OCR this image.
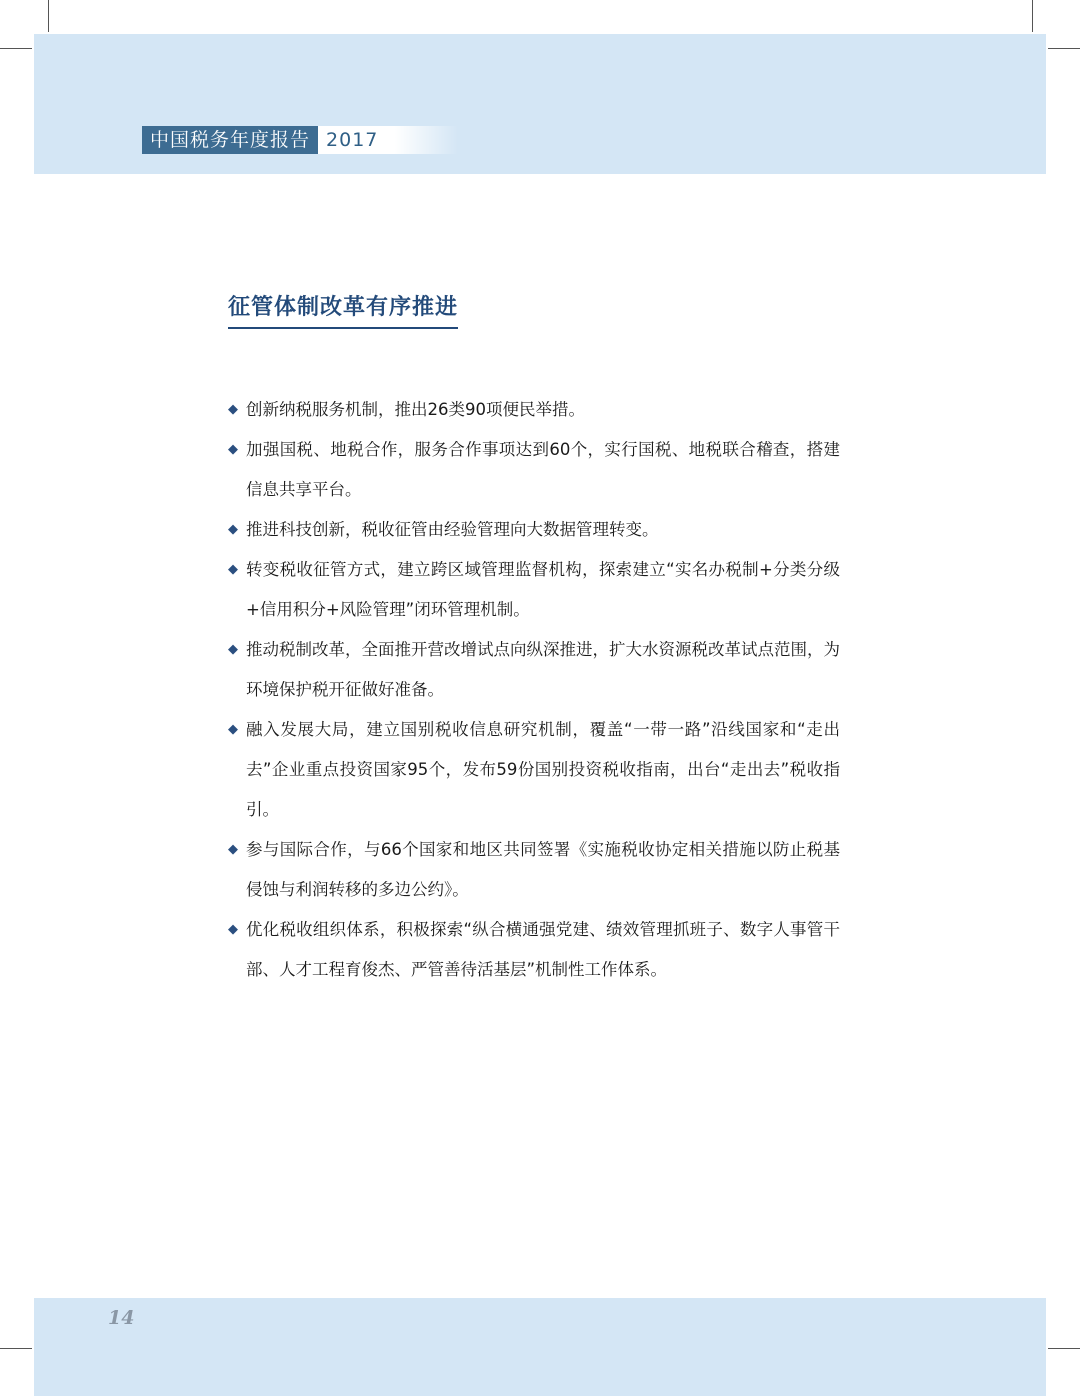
中国税务年度报告 2017
征管体制改革有序推进
◆ 创新纳税服务机制，推出26类90项便民举措。
◆ 加强国税、地税合作，服务合作事项达到60个，实行国税、地税联合稽查，搭建信息共享平台。
◆ 推进科技创新，税收征管由经验管理向大数据管理转变。
◆ 转变税收征管方式，建立跨区域管理监督机构，探索建立“实名办税制+分类分级+信用积分+风险管理”闭环管理机制。
◆ 推动税制改革，全面推开营改增试点向纵深推进，扩大水资源税改革试点范围，为环境保护税开征做好准备。
◆ 融入发展大局，建立国别税收信息研究机制，覆盖“一带一路”沿线国家和“走出去”企业重点投资国家95个，发布59份国别投资税收指南，出台“走出去”税收指引。
◆ 参与国际合作，与66个国家和地区共同签署《实施税收协定相关措施以防止税基侵蚀与利润转移的多边公约》。
◆ 优化税收组织体系，积极探索“纵合横通强党建、绩效管理抓班子、数字人事管干部、人才工程育俊杰、严管善待活基层”机制性工作体系。
14
